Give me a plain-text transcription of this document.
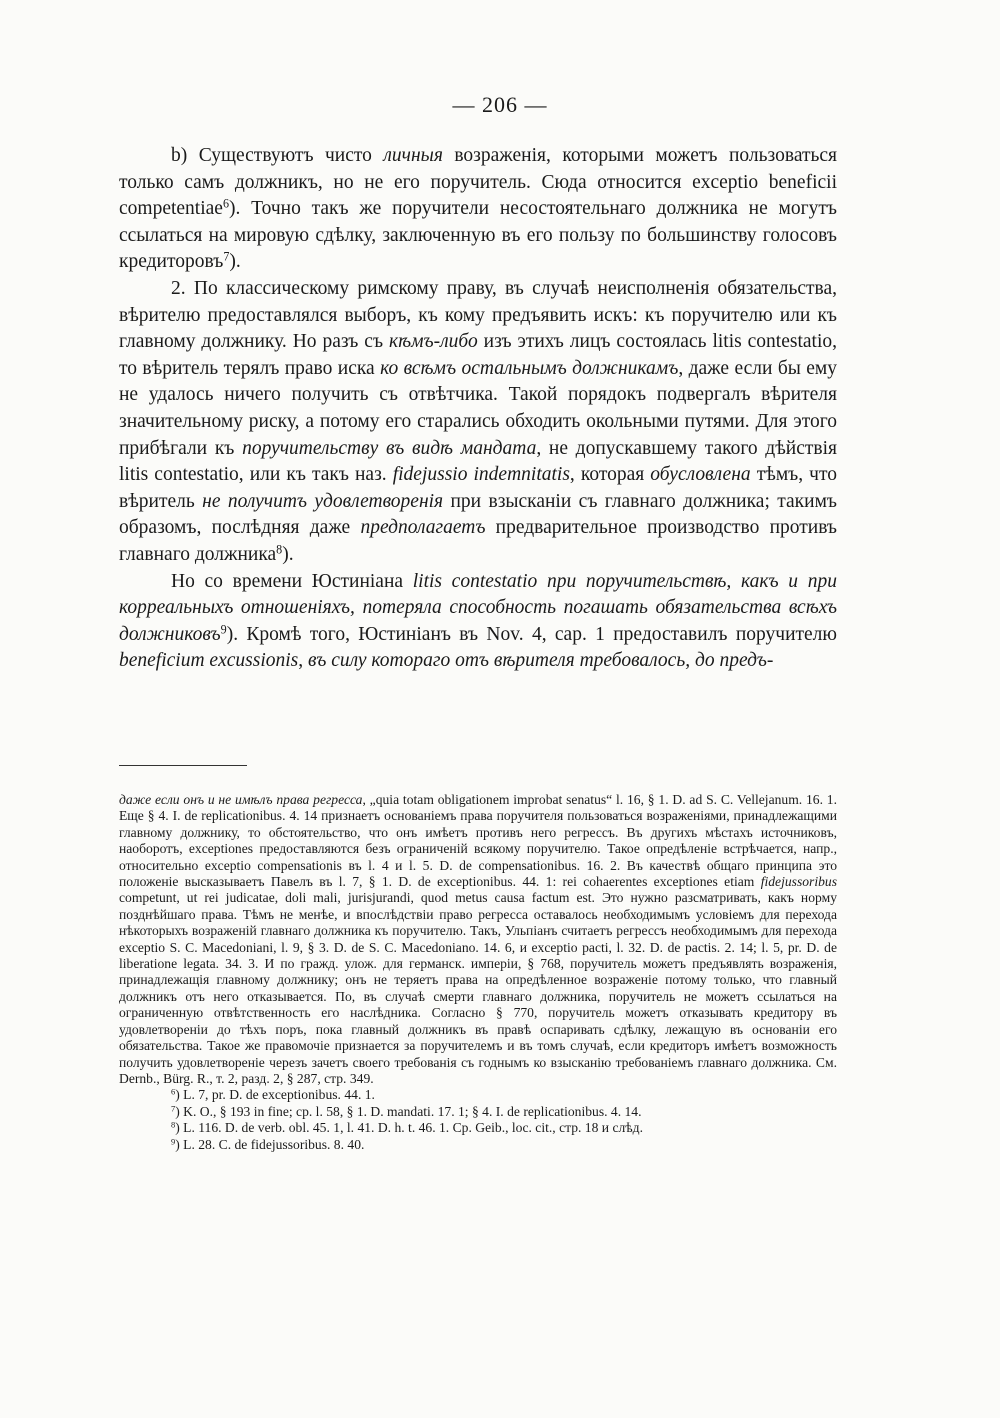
— 206 —

b) Существуютъ чисто личныя возраженія, которыми можетъ пользоваться только самъ должникъ, но не его поручитель. Сюда относится exceptio beneficii competentiae$^6$). Точно такъ же поручители несостоятельнаго должника не могутъ ссылаться на мировую сдѣлку, заключенную въ его пользу по большинству голосовъ кредиторовъ$^7$).

2. По классическому римскому праву, въ случаѣ неисполненія обязательства, вѣрителю предоставлялся выборъ, къ кому предъявить искъ: къ поручителю или къ главному должнику. Но разъ съ кѣмъ-либо изъ этихъ лицъ состоялась litis contestatio, то вѣритель терялъ право иска ко всѣмъ остальнымъ должникамъ, даже если бы ему не удалось ничего получить съ отвѣтчика. Такой порядокъ подвергалъ вѣрителя значительному риску, а потому его старались обходить окольными путями. Для этого прибѣгали къ поручительству въ видѣ мандата, не допускавшему такого дѣйствія litis contestatio, или къ такъ наз. fidejussio indemnitatis, которая обусловлена тѣмъ, что вѣритель не получитъ удовлетворенія при взысканіи съ главнаго должника; такимъ образомъ, послѣдняя даже предполагаетъ предварительное производство противъ главнаго должника$^8$).

Но со времени Юстиніана litis contestatio при поручительствѣ, какъ и при корреальныхъ отношеніяхъ, потеряла способность погашать обязательства всѣхъ должниковъ$^9$). Кромѣ того, Юстиніанъ въ Nov. 4, cap. 1 предоставилъ поручителю beneficium excussionis, въ силу котораго отъ вѣрителя требовалось, до предъ-

даже если онъ и не имѣлъ права регресса, „quia totam obligationem improbat senatus“ l. 16, § 1. D. ad S. C. Vellejanum. 16. 1. Еще § 4. I. de replicationibus. 4. 14 признаетъ основаніемъ права поручителя пользоваться возраженіями, принадлежащими главному должнику, то обстоятельство, что онъ имѣетъ противъ него регрессъ. Въ другихъ мѣстахъ источниковъ, наоборотъ, exceptiones предоставляются безъ ограниченій всякому поручителю. Такое опредѣленіе встрѣчается, напр., относительно exceptio compensationis въ l. 4 и l. 5. D. de compensationibus. 16. 2. Въ качествѣ общаго принципа это положеніе высказываетъ Павелъ въ l. 7, § 1. D. de exceptionibus. 44. 1: rei cohaerentes exceptiones etiam fidejussoribus competunt, ut rei judicatae, doli mali, jurisjurandi, quod metus causa factum est. Это нужно разсматривать, какъ норму позднѣйшаго права. Тѣмъ не менѣе, и впослѣдствіи право регресса оставалось необходимымъ условіемъ для перехода нѣкоторыхъ возраженій главнаго должника къ поручителю. Такъ, Ульпіанъ считаетъ регрессъ необходимымъ для перехода exceptio S. C. Macedoniani, l. 9, § 3. D. de S. C. Macedoniano. 14. 6, и exceptio pacti, l. 32. D. de pactis. 2. 14; l. 5, pr. D. de liberatione legata. 34. 3. И по гражд. улож. для германск. имперіи, § 768, поручитель можетъ предъявлять возраженія, принадлежащія главному должнику; онъ не теряетъ права на опредѣленное возраженіе потому только, что главный должникъ отъ него отказывается. По, въ случаѣ смерти главнаго должника, поручитель не можетъ ссылаться на ограниченную отвѣтственность его наслѣдника. Согласно § 770, поручитель можетъ отказывать кредитору въ удовлетвореніи до тѣхъ поръ, пока главный должникъ въ правѣ оспаривать сдѣлку, лежащую въ основаніи его обязательства. Такое же правомочіе признается за поручителемъ и въ томъ случаѣ, если кредиторъ имѣетъ возможность получить удовлетвореніе черезъ зачетъ своего требованія съ годнымъ ко взысканію требованіемъ главнаго должника. См. Dernb., Bürg. R., т. 2, разд. 2, § 287, стр. 349.

$^6$) L. 7, pr. D. de exceptionibus. 44. 1.

$^7$) K. O., § 193 in fine; cp. l. 58, § 1. D. mandati. 17. 1; § 4. I. de replicationibus. 4. 14.

$^8$) L. 116. D. de verb. obl. 45. 1, l. 41. D. h. t. 46. 1. Cp. Geib., loc. cit., стр. 18 и слѣд.

$^9$) L. 28. C. de fidejussoribus. 8. 40.
